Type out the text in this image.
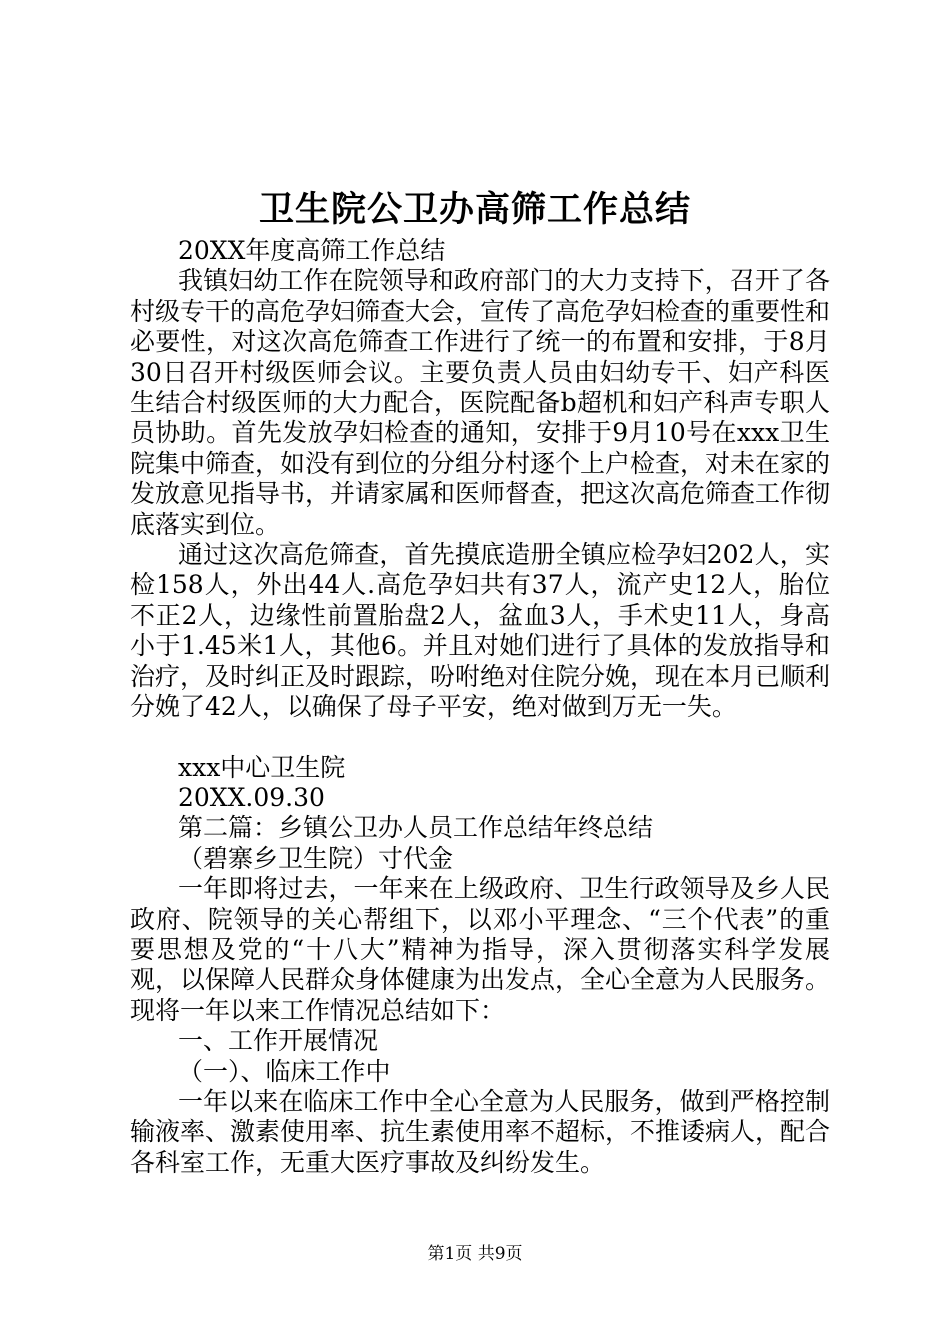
卫生院公卫办高筛工作总结
20XX年度高筛工作总结

我镇妇幼工作在院领导和政府部门的大力支持下，召开了各村级专干的高危孕妇筛查大会，宣传了高危孕妇检查的重要性和必要性，对这次高危筛查工作进行了统一的布置和安排，于8月30日召开村级医师会议。主要负责人员由妇幼专干、妇产科医生结合村级医师的大力配合，医院配备b超机和妇产科声专职人员协助。首先发放孕妇检查的通知，安排于9月10号在xxx卫生院集中筛查，如没有到位的分组分村逐个上户检查，对未在家的发放意见指导书，并请家属和医师督查，把这次高危筛查工作彻底落实到位。

通过这次高危筛查，首先摸底造册全镇应检孕妇202人，实检158人，外出44人.高危孕妇共有37人，流产史12人，胎位不正2人，边缘性前置胎盘2人，盆血3人，手术史11人，身高小于1.45米1人，其他6。并且对她们进行了具体的发放指导和治疗，及时纠正及时跟踪，吩咐绝对住院分娩，现在本月已顺利分娩了42人，以确保了母子平安，绝对做到万无一失。

xxx中心卫生院
20XX.09.30
第二篇：乡镇公卫办人员工作总结年终总结
（碧寨乡卫生院）寸代金

一年即将过去，一年来在上级政府、卫生行政领导及乡人民政府、院领导的关心帮组下，以邓小平理念、“三个代表”的重要思想及党的“十八大”精神为指导，深入贯彻落实科学发展观，以保障人民群众身体健康为出发点，全心全意为人民服务。现将一年以来工作情况总结如下：

一、工作开展情况
（一）、临床工作中

一年以来在临床工作中全心全意为人民服务，做到严格控制输液率、激素使用率、抗生素使用率不超标，不推诿病人，配合各科室工作，无重大医疗事故及纠纷发生。

第1页 共9页
